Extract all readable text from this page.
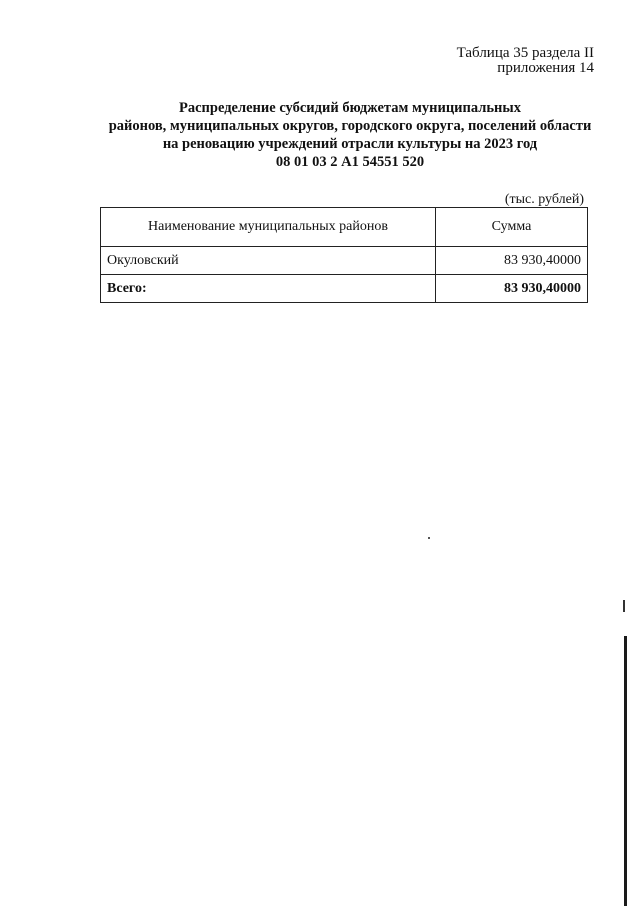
Таблица 35 раздела II
приложения 14
Распределение субсидий бюджетам муниципальных
районов, муниципальных округов, городского округа, поселений области
на реновацию учреждений отрасли культуры на 2023 год
08 01 03 2 А1 54551 520
(тыс. рублей)
Наименование муниципальных районов	Сумма
Окуловский	83 930,40000
Всего:	83 930,40000
